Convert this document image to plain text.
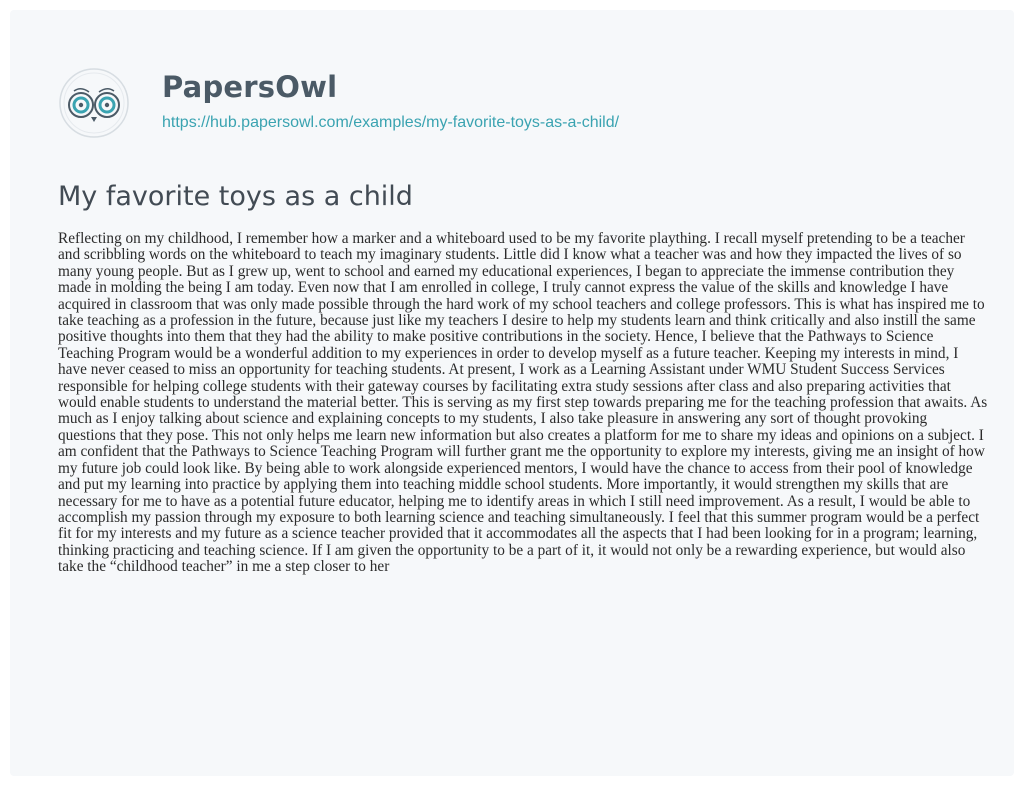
PapersOwl
https://hub.papersowl.com/examples/my-favorite-toys-as-a-child/
My favorite toys as a child

Reflecting on my childhood, I remember how a marker and a whiteboard used to be my favorite plaything. I recall myself pretending to be a teacher and scribbling words on the whiteboard to teach my imaginary students. Little did I know what a teacher was and how they impacted the lives of so many young people. But as I grew up, went to school and earned my educational experiences, I began to appreciate the immense contribution they made in molding the being I am today. Even now that I am enrolled in college, I truly cannot express the value of the skills and knowledge I have acquired in classroom that was only made possible through the hard work of my school teachers and college professors. This is what has inspired me to take teaching as a profession in the future, because just like my teachers I desire to help my students learn and think critically and also instill the same positive thoughts into them that they had the ability to make positive contributions in the society. Hence, I believe that the Pathways to Science Teaching Program would be a wonderful addition to my experiences in order to develop myself as a future teacher. Keeping my interests in mind, I have never ceased to miss an opportunity for teaching students. At present, I work as a Learning Assistant under WMU Student Success Services responsible for helping college students with their gateway courses by facilitating extra study sessions after class and also preparing activities that would enable students to understand the material better. This is serving as my first step towards preparing me for the teaching profession that awaits. As much as I enjoy talking about science and explaining concepts to my students, I also take pleasure in answering any sort of thought provoking questions that they pose. This not only helps me learn new information but also creates a platform for me to share my ideas and opinions on a subject. I am confident that the Pathways to Science Teaching Program will further grant me the opportunity to explore my interests, giving me an insight of how my future job could look like. By being able to work alongside experienced mentors, I would have the chance to access from their pool of knowledge and put my learning into practice by applying them into teaching middle school students. More importantly, it would strengthen my skills that are necessary for me to have as a potential future educator, helping me to identify areas in which I still need improvement. As a result, I would be able to accomplish my passion through my exposure to both learning science and teaching simultaneously. I feel that this summer program would be a perfect fit for my interests and my future as a science teacher provided that it accommodates all the aspects that I had been looking for in a program; learning, thinking practicing and teaching science. If I am given the opportunity to be a part of it, it would not only be a rewarding experience, but would also take the “childhood teacher” in me a step closer to her
